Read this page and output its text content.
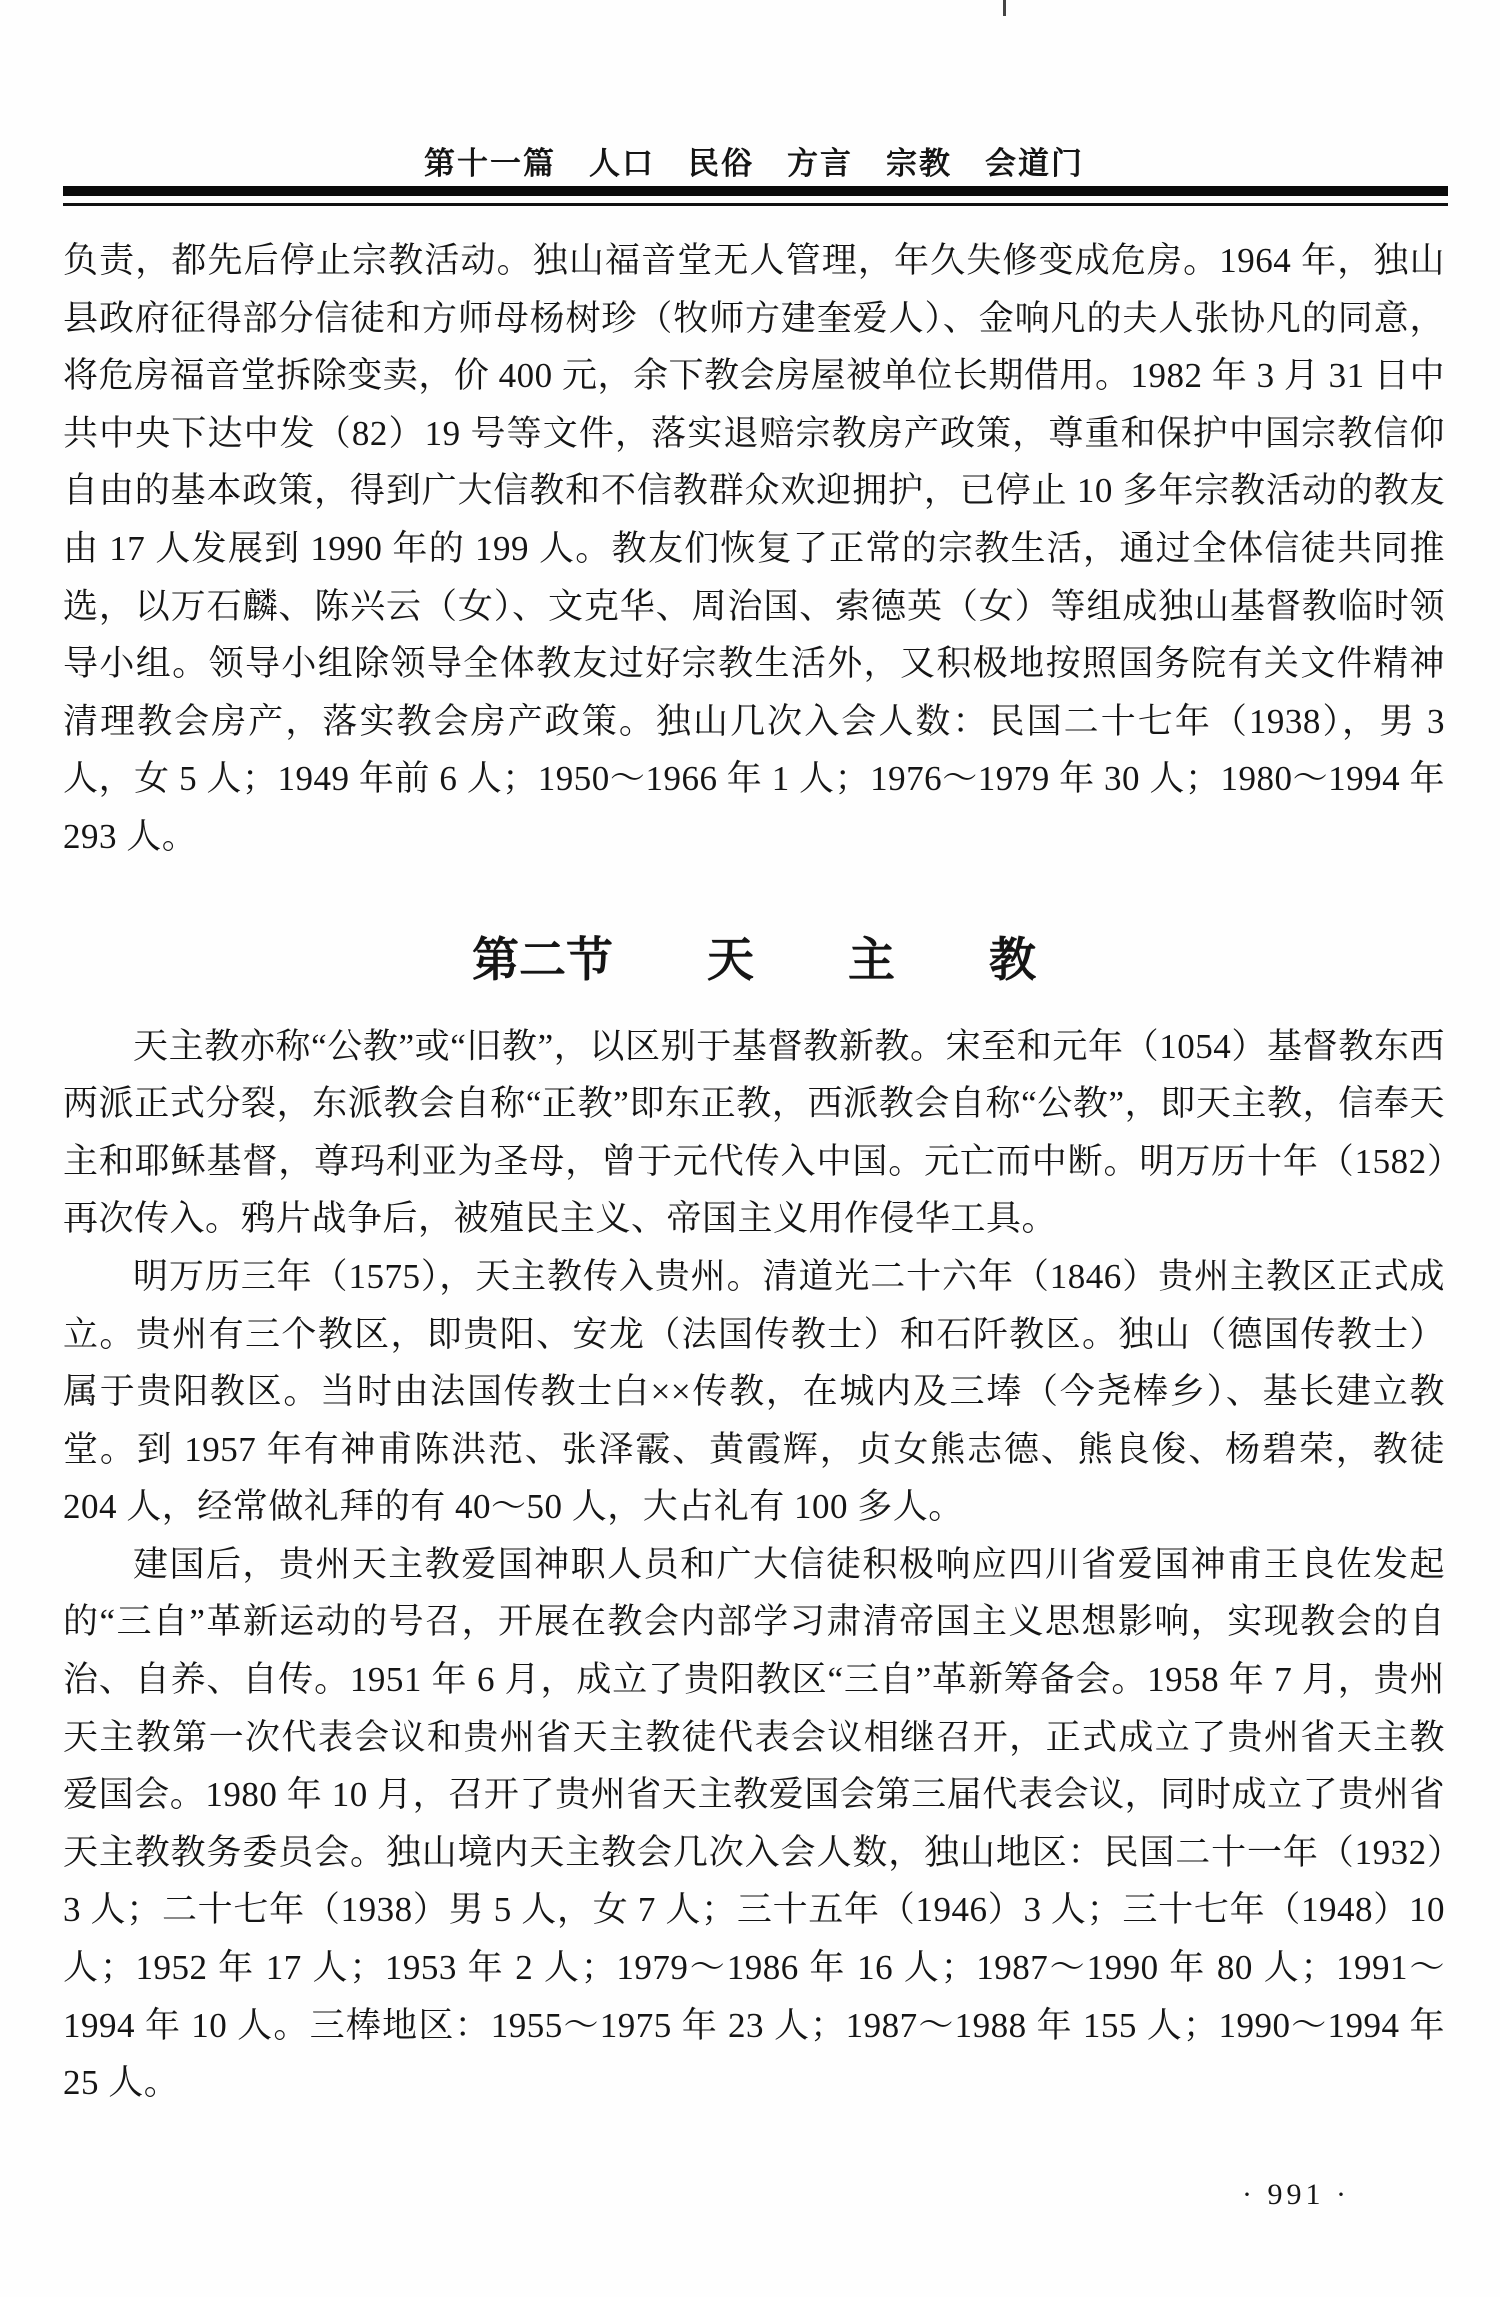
第十一篇　人口　民俗　方言　宗教　会道门

负责，都先后停止宗教活动。独山福音堂无人管理，年久失修变成危房。1964 年，独山县政府征得部分信徒和方师母杨树珍（牧师方建奎爱人）、金响凡的夫人张协凡的同意，将危房福音堂拆除变卖，价 400 元，余下教会房屋被单位长期借用。1982 年 3 月 31 日中共中央下达中发（82）19 号等文件，落实退赔宗教房产政策，尊重和保护中国宗教信仰自由的基本政策，得到广大信教和不信教群众欢迎拥护，已停止 10 多年宗教活动的教友由 17 人发展到 1990 年的 199 人。教友们恢复了正常的宗教生活，通过全体信徒共同推选，以万石麟、陈兴云（女）、文克华、周治国、索德英（女）等组成独山基督教临时领导小组。领导小组除领导全体教友过好宗教生活外，又积极地按照国务院有关文件精神清理教会房产，落实教会房产政策。独山几次入会人数：民国二十七年（1938），男 3 人，女 5 人；1949 年前 6 人；1950～1966 年 1 人；1976～1979 年 30 人；1980～1994 年 293 人。

第二节　　天　　主　　教

天主教亦称“公教”或“旧教”，以区别于基督教新教。宋至和元年（1054）基督教东西两派正式分裂，东派教会自称“正教”即东正教，西派教会自称“公教”，即天主教，信奉天主和耶稣基督，尊玛利亚为圣母，曾于元代传入中国。元亡而中断。明万历十年（1582）再次传入。鸦片战争后，被殖民主义、帝国主义用作侵华工具。

明万历三年（1575），天主教传入贵州。清道光二十六年（1846）贵州主教区正式成立。贵州有三个教区，即贵阳、安龙（法国传教士）和石阡教区。独山（德国传教士）属于贵阳教区。当时由法国传教士白××传教，在城内及三埲（今尧棒乡）、基长建立教堂。到 1957 年有神甫陈洪范、张泽霰、黄霞辉，贞女熊志德、熊良俊、杨碧荣，教徒 204 人，经常做礼拜的有 40～50 人，大占礼有 100 多人。

建国后，贵州天主教爱国神职人员和广大信徒积极响应四川省爱国神甫王良佐发起的“三自”革新运动的号召，开展在教会内部学习肃清帝国主义思想影响，实现教会的自治、自养、自传。1951 年 6 月，成立了贵阳教区“三自”革新筹备会。1958 年 7 月，贵州天主教第一次代表会议和贵州省天主教徒代表会议相继召开，正式成立了贵州省天主教爱国会。1980 年 10 月，召开了贵州省天主教爱国会第三届代表会议，同时成立了贵州省天主教教务委员会。独山境内天主教会几次入会人数，独山地区：民国二十一年（1932）3 人；二十七年（1938）男 5 人，女 7 人；三十五年（1946）3 人；三十七年（1948）10 人；1952 年 17 人；1953 年 2 人；1979～1986 年 16 人；1987～1990 年 80 人；1991～1994 年 10 人。三棒地区：1955～1975 年 23 人；1987～1988 年 155 人；1990～1994 年 25 人。

· 991 ·
